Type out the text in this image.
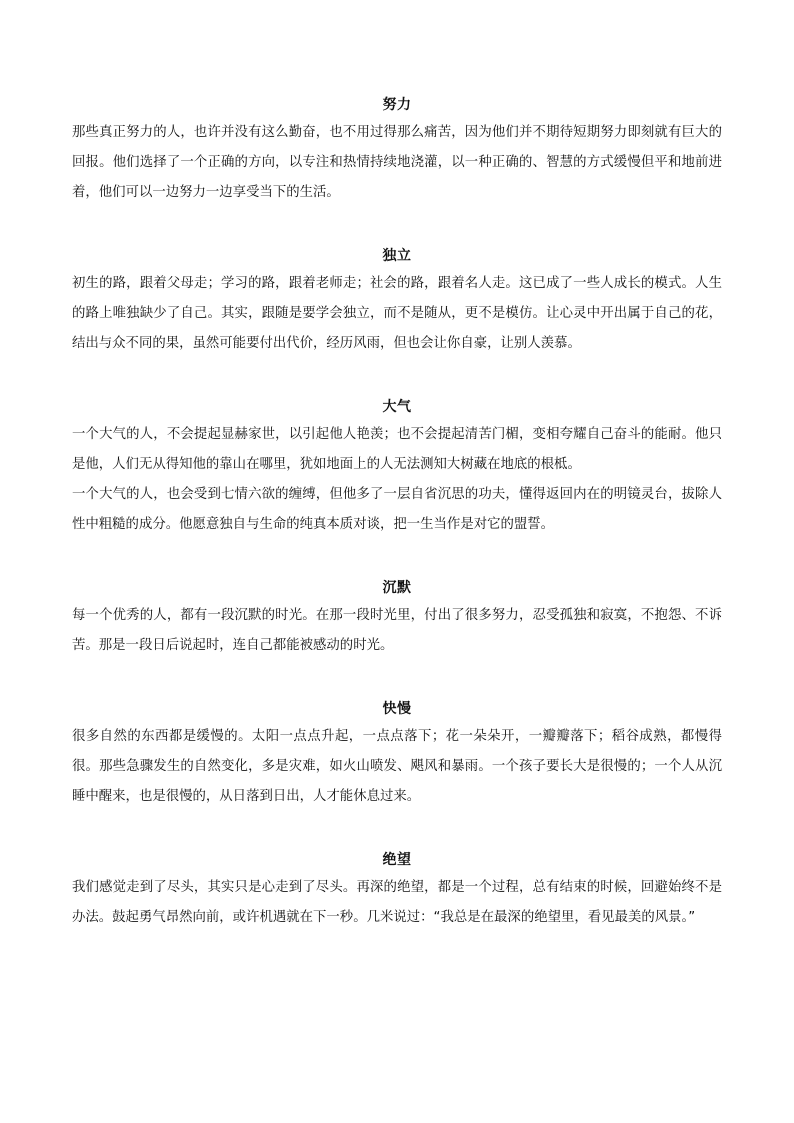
努力

那些真正努力的人，也许并没有这么勤奋，也不用过得那么痛苦，因为他们并不期待短期努力即刻就有巨大的回报。他们选择了一个正确的方向，以专注和热情持续地浇灌，以一种正确的、智慧的方式缓慢但平和地前进着，他们可以一边努力一边享受当下的生活。

独立

初生的路，跟着父母走；学习的路，跟着老师走；社会的路，跟着名人走。这已成了一些人成长的模式。人生的路上唯独缺少了自己。其实，跟随是要学会独立，而不是随从，更不是模仿。让心灵中开出属于自己的花，结出与众不同的果，虽然可能要付出代价，经历风雨，但也会让你自豪，让别人羡慕。

大气

一个大气的人，不会提起显赫家世，以引起他人艳羡；也不会提起清苦门楣，变相夸耀自己奋斗的能耐。他只是他，人们无从得知他的靠山在哪里，犹如地面上的人无法测知大树藏在地底的根柢。

一个大气的人，也会受到七情六欲的缠缚，但他多了一层自省沉思的功夫，懂得返回内在的明镜灵台，拔除人性中粗糙的成分。他愿意独自与生命的纯真本质对谈，把一生当作是对它的盟誓。

沉默

每一个优秀的人，都有一段沉默的时光。在那一段时光里，付出了很多努力，忍受孤独和寂寞，不抱怨、不诉苦。那是一段日后说起时，连自己都能被感动的时光。

快慢

很多自然的东西都是缓慢的。太阳一点点升起，一点点落下；花一朵朵开，一瓣瓣落下；稻谷成熟，都慢得很。那些急骤发生的自然变化，多是灾难，如火山喷发、飓风和暴雨。一个孩子要长大是很慢的；一个人从沉睡中醒来，也是很慢的，从日落到日出，人才能休息过来。

绝望

我们感觉走到了尽头，其实只是心走到了尽头。再深的绝望，都是一个过程，总有结束的时候，回避始终不是办法。鼓起勇气昂然向前，或许机遇就在下一秒。几米说过：“我总是在最深的绝望里，看见最美的风景。”
